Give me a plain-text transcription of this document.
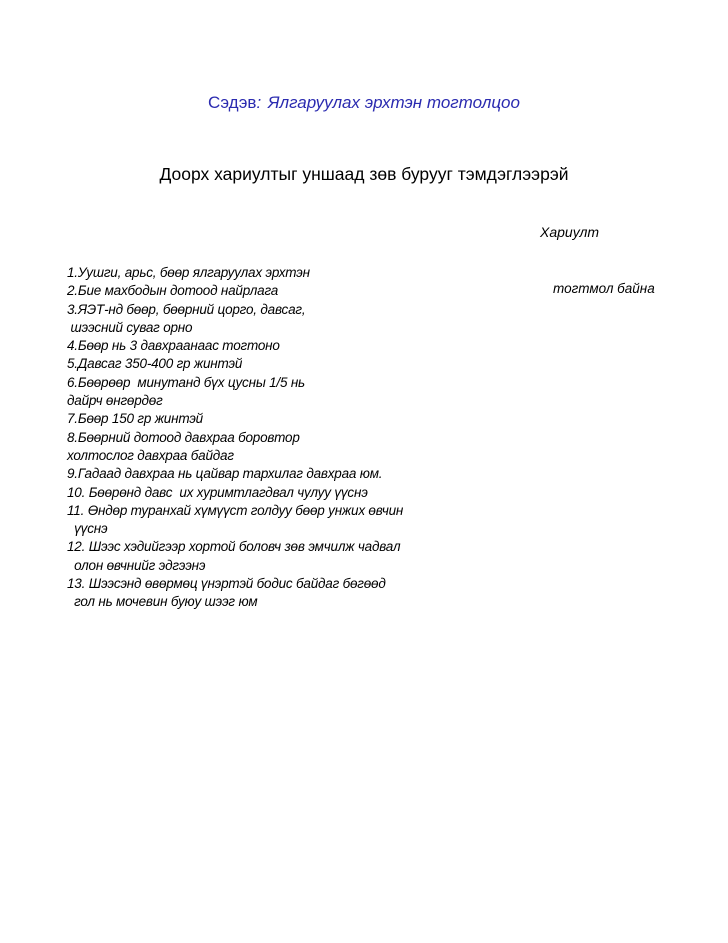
Сэдэв: Ялгаруулах эрхтэн тогтолцоо
Доорх хариултыг уншаад зөв бурууг тэмдэглээрэй
Хариулт
тогтмол байна
1.Уушги, арьс, бөөр ялгаруулах эрхтэн
2.Бие махбодын дотоод найрлага
3.ЯЭТ-нд бөөр, бөөрний цорго, давсаг,
шээсний суваг орно
4.Бөөр нь 3 давхраанаас тогтоно
5.Давсаг 350-400 гр жинтэй
6.Бөөрөөр  минутанд бүх цусны 1/5 нь
дайрч өнгөрдөг
7.Бөөр 150 гр жинтэй
8.Бөөрний дотоод давхраа боровтор
холтослог давхраа байдаг
9.Гадаад давхраа нь цайвар тархилаг давхраа юм.
10. Бөөрөнд давс  их хуримтлагдвал чулуу үүснэ
11. Өндөр туранхай хүмүүст голдуу бөөр унжих өвчин
үүснэ
12. Шээс хэдийгээр хортой боловч зөв эмчилж чадвал
олон өвчнийг эдгээнэ
13. Шээсэнд өвөрмөц үнэртэй бодис байдаг бөгөөд
гол нь мочевин буюу шээг юм
